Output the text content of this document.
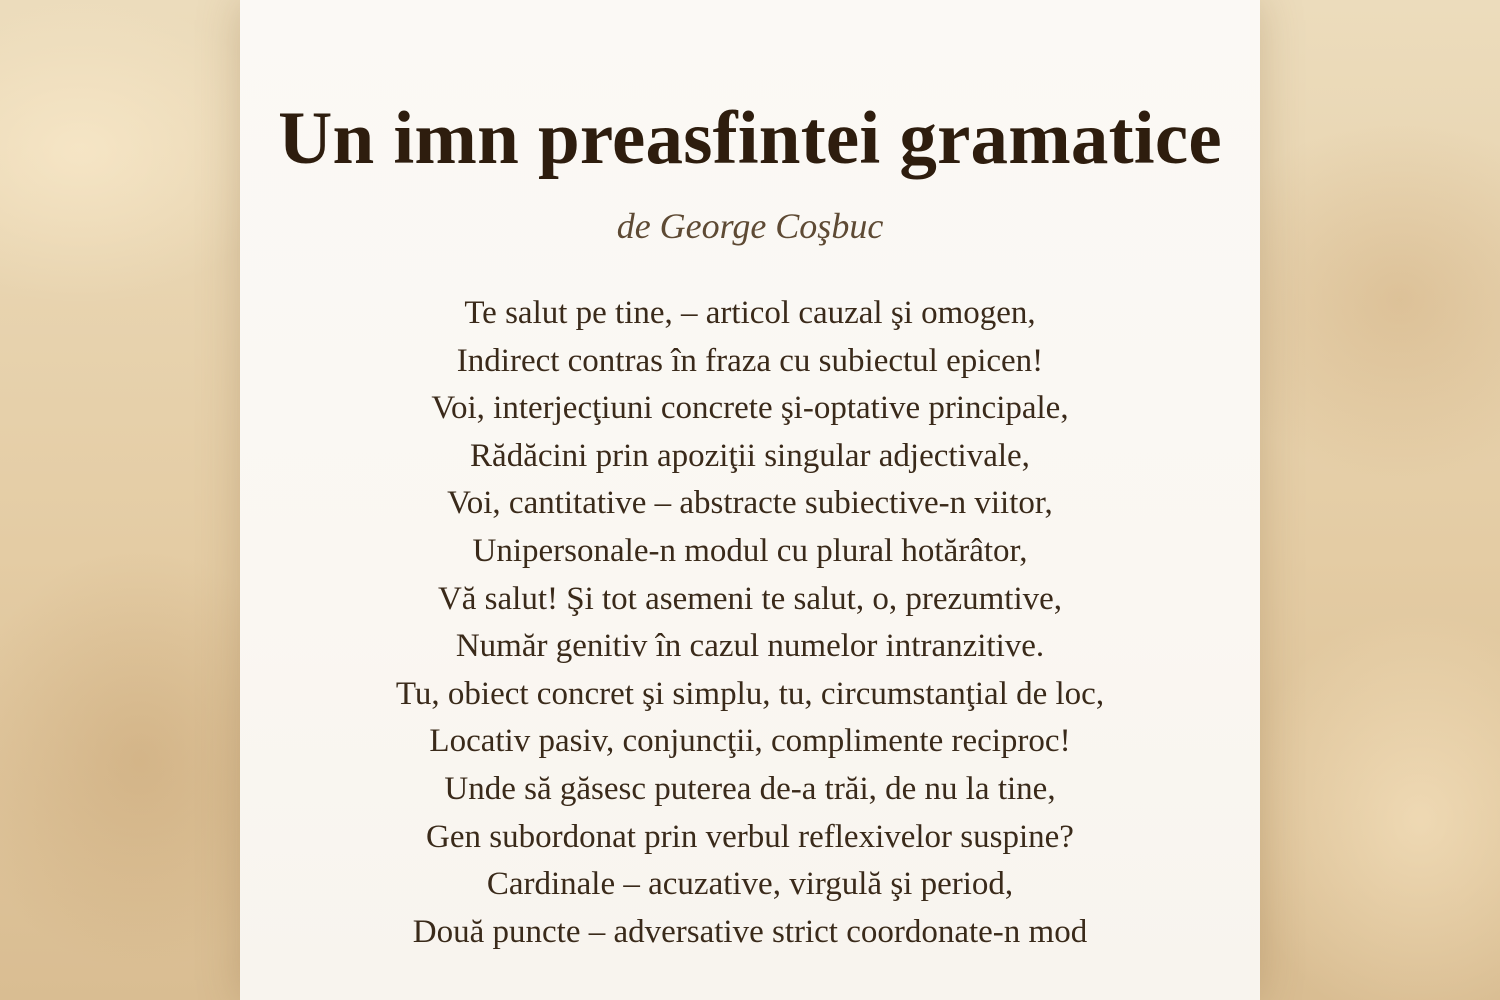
Un imn preasfintei gramatice
de George Coşbuc
Te salut pe tine, – articol cauzal şi omogen,
Indirect contras în fraza cu subiectul epicen!
Voi, interjecţiuni concrete şi-optative principale,
Rădăcini prin apoziţii singular adjectivale,
Voi, cantitative – abstracte subiective-n viitor,
Unipersonale-n modul cu plural hotărâtor,
Vă salut! Şi tot asemeni te salut, o, prezumtive,
Număr genitiv în cazul numelor intranzitive.
Tu, obiect concret şi simplu, tu, circumstanţial de loc,
Locativ pasiv, conjuncţii, complimente reciproc!
Unde să găsesc puterea de-a trăi, de nu la tine,
Gen subordonat prin verbul reflexivelor suspine?
Cardinale – acuzative, virgulă şi period,
Două puncte – adversative strict coordonate-n mod
